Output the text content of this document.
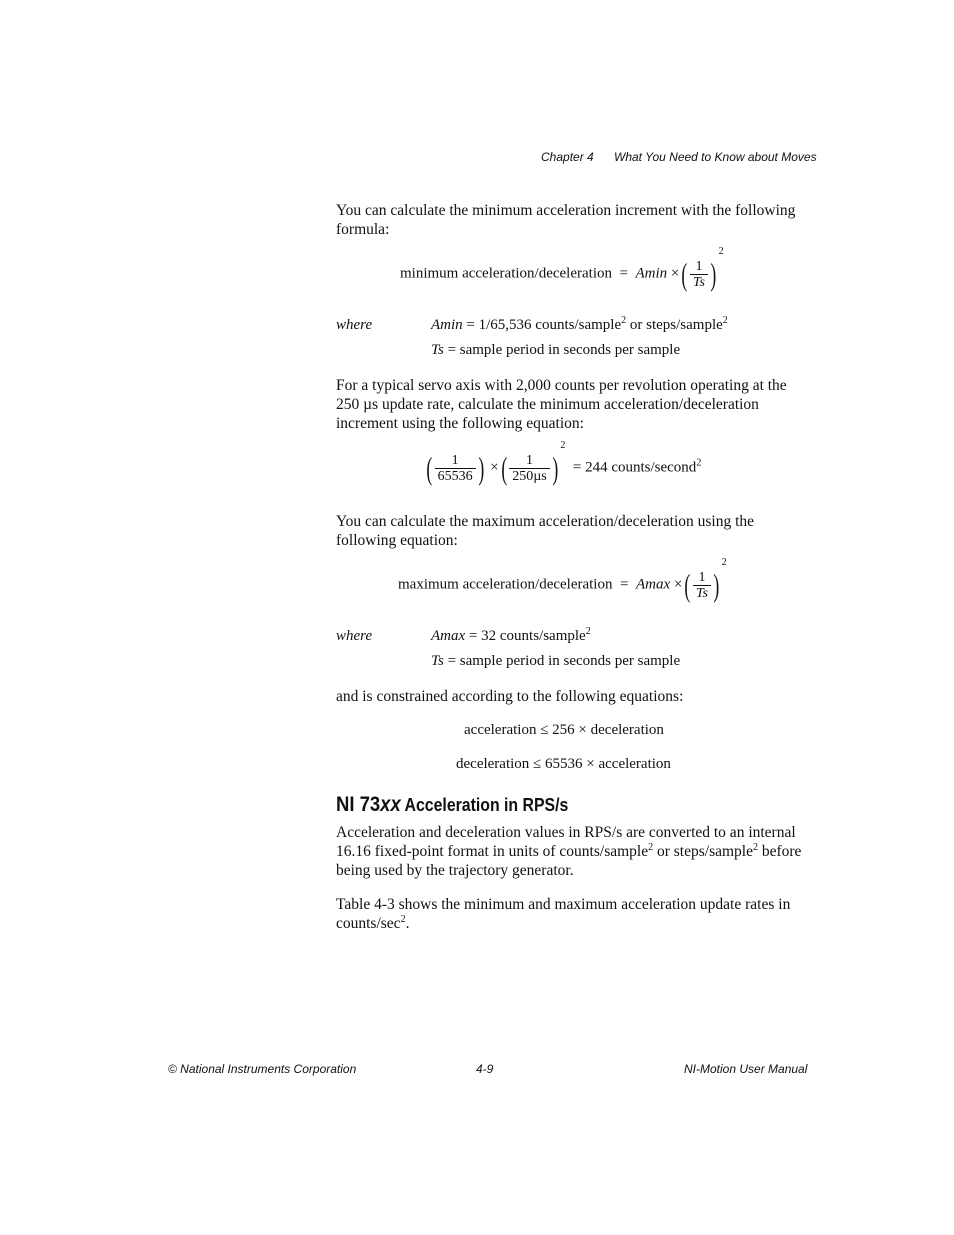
Chapter 4 What You Need to Know about Moves

You can calculate the minimum acceleration increment with the following formula:

minimum acceleration/deceleration = Amin ×( $\frac{1}{Ts} )^2$
where	Amin = 1/65,536 counts/sample$^2$ or steps/sample$^2$
Ts = sample period in seconds per sample

For a typical servo axis with 2,000 counts per revolution operating at the 250 µs update rate, calculate the minimum acceleration/deceleration increment using the following equation:

( $\frac{1}{65536}$ ) ×( $\frac{1}{\text{250µs}} )^2 = 244$ counts/second$^2$

You can calculate the maximum acceleration/deceleration using the following equation:

maximum acceleration/deceleration = Amax ×( $\frac{1}{Ts} )^2$
where	Amax = 32 counts/sample$^2$
Ts = sample period in seconds per sample

and is constrained according to the following equations:

acceleration ≤ 256 × deceleration
deceleration ≤ 65536 × acceleration
NI 73xx Acceleration in RPS/s

Acceleration and deceleration values in RPS/s are converted to an internal 16.16 fixed-point format in units of counts/sample$^2$ or steps/sample$^2$ before being used by the trajectory generator.

Table 4-3 shows the minimum and maximum acceleration update rates in counts/$\sec^2$.

© National Instruments Corporation	4-9	NI-Motion User Manual
